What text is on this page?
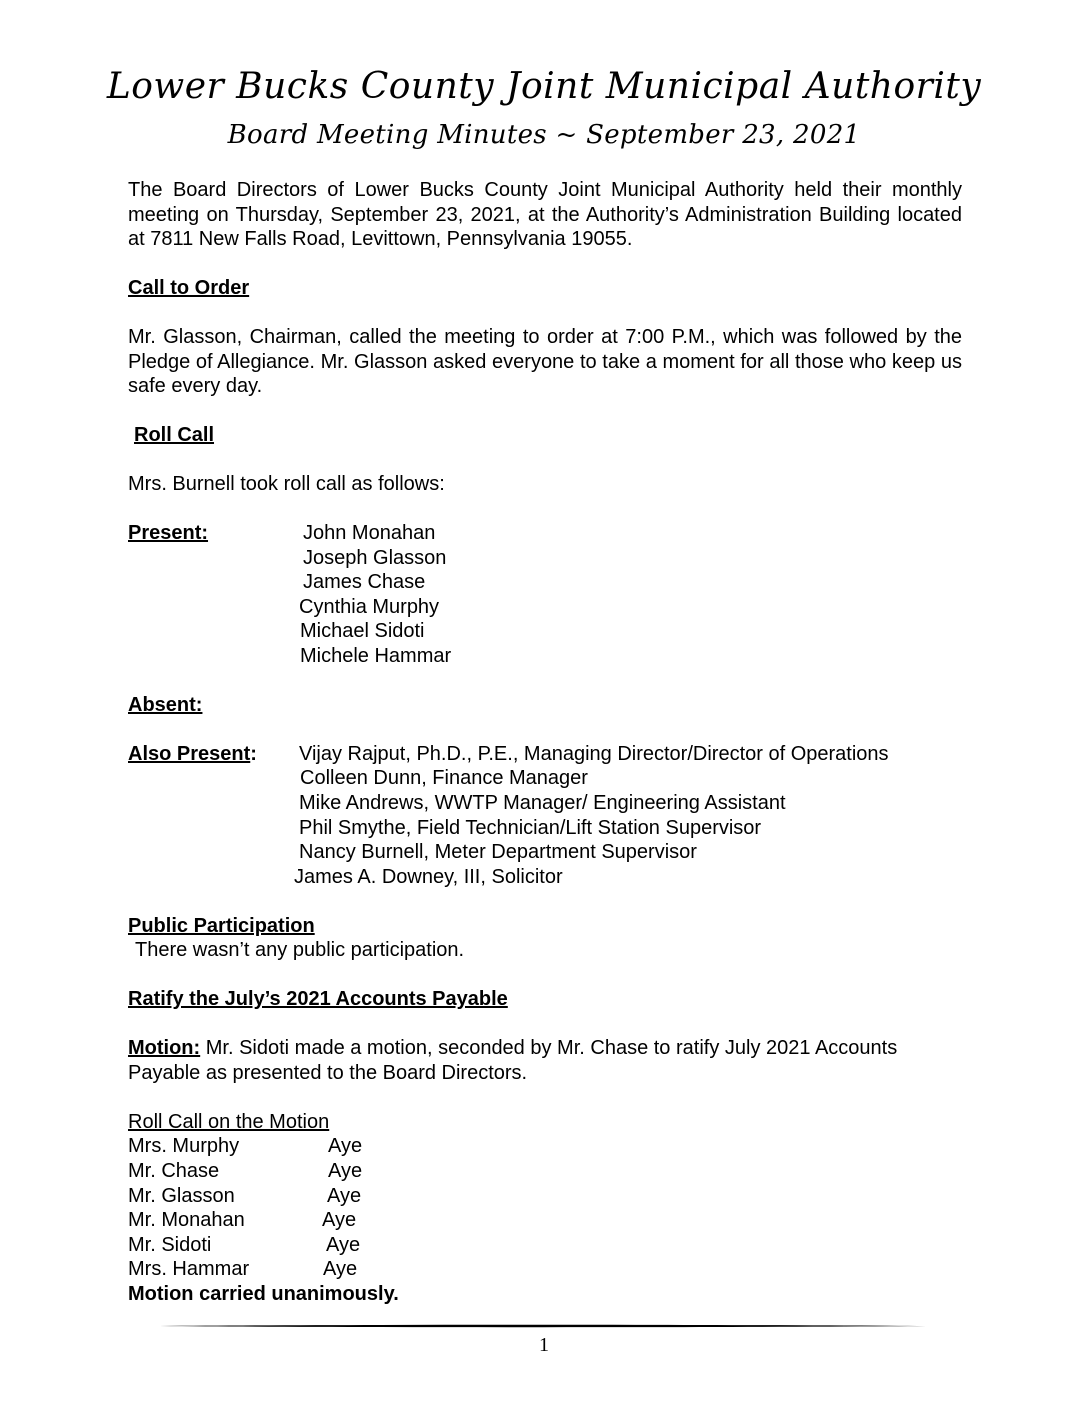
Lower Bucks County Joint Municipal Authority
Board Meeting Minutes ~ September 23, 2021
The Board Directors of Lower Bucks County Joint Municipal Authority held their monthly meeting on Thursday, September 23, 2021, at the Authority’s Administration Building located at 7811 New Falls Road, Levittown, Pennsylvania 19055.
Call to Order
Mr. Glasson, Chairman, called the meeting to order at 7:00 P.M., which was followed by the Pledge of Allegiance. Mr. Glasson asked everyone to take a moment for all those who keep us safe every day.
Roll Call
Mrs. Burnell took roll call as follows:
Present:	John Monahan
Joseph Glasson
James Chase
Cynthia Murphy
Michael Sidoti
Michele Hammar
Absent:
Also Present: Vijay Rajput, Ph.D., P.E., Managing Director/Director of Operations
Colleen Dunn, Finance Manager
Mike Andrews, WWTP Manager/ Engineering Assistant
Phil Smythe, Field Technician/Lift Station Supervisor
Nancy Burnell, Meter Department Supervisor
James A. Downey, III, Solicitor
Public Participation
There wasn’t any public participation.
Ratify the July’s 2021 Accounts Payable
Motion: Mr. Sidoti made a motion, seconded by Mr. Chase to ratify July 2021 Accounts
Payable as presented to the Board Directors.
Roll Call on the Motion
Mrs. Murphy	Aye
Mr. Chase	Aye
Mr. Glasson	Aye
Mr. Monahan	Aye
Mr. Sidoti	Aye
Mrs. Hammar	Aye
Motion carried unanimously.
1
